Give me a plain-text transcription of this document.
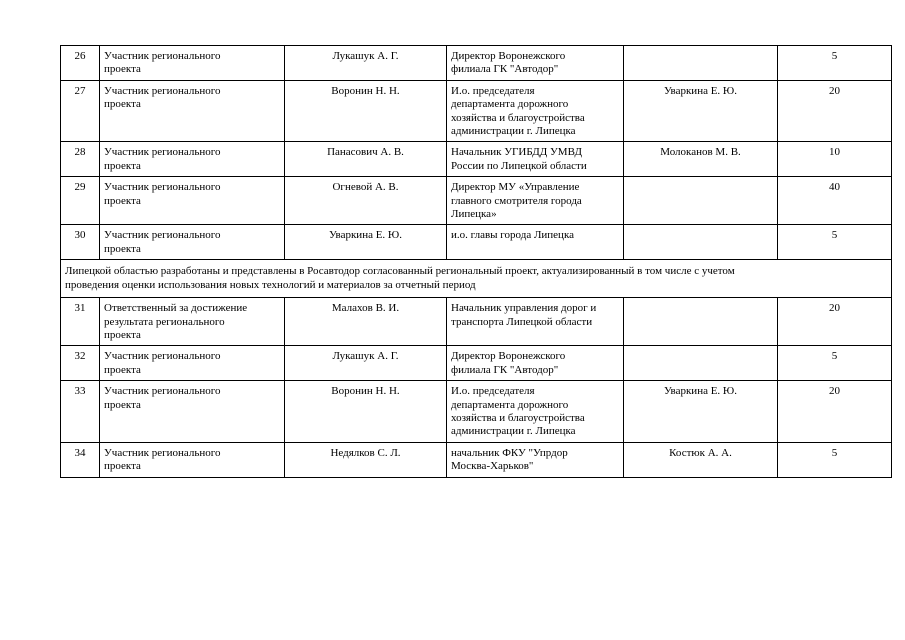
26	Участник регионального
проекта	Лукашук А. Г.	Директор Воронежского
филиала ГК "Автодор"		5

27	Участник регионального
проекта	Воронин Н. Н.	И.о. председателя
департамента дорожного
хозяйства и благоустройства
администрации г. Липецка	Уваркина Е. Ю.	20

28	Участник регионального
проекта	Панасович А. В.	Начальник УГИБДД УМВД
России по Липецкой области	Молоканов М. В.	10

29	Участник регионального
проекта	Огневой А. В.	Директор МУ «Управление
главного смотрителя города
Липецка»		40

30	Участник регионального
проекта	Уваркина Е. Ю.	и.о. главы города Липецка		5

Липецкой областью разработаны и представлены в Росавтодор согласованный региональный проект, актуализированный в том числе с учетом
проведения оценки использования новых технологий и материалов за отчетный период					

31	Ответственный за достижение
результата регионального
проекта	Малахов В. И.	Начальник управления дорог и
транспорта Липецкой области		20

32	Участник регионального
проекта	Лукашук А. Г.	Директор Воронежского
филиала ГК "Автодор"		5

33	Участник регионального
проекта	Воронин Н. Н.	И.о. председателя
департамента дорожного
хозяйства и благоустройства
администрации г. Липецка	Уваркина Е. Ю.	20

34	Участник регионального
проекта	Недялков С. Л.	начальник ФКУ "Упрдор
Москва-Харьков"	Костюк А. А.	5
